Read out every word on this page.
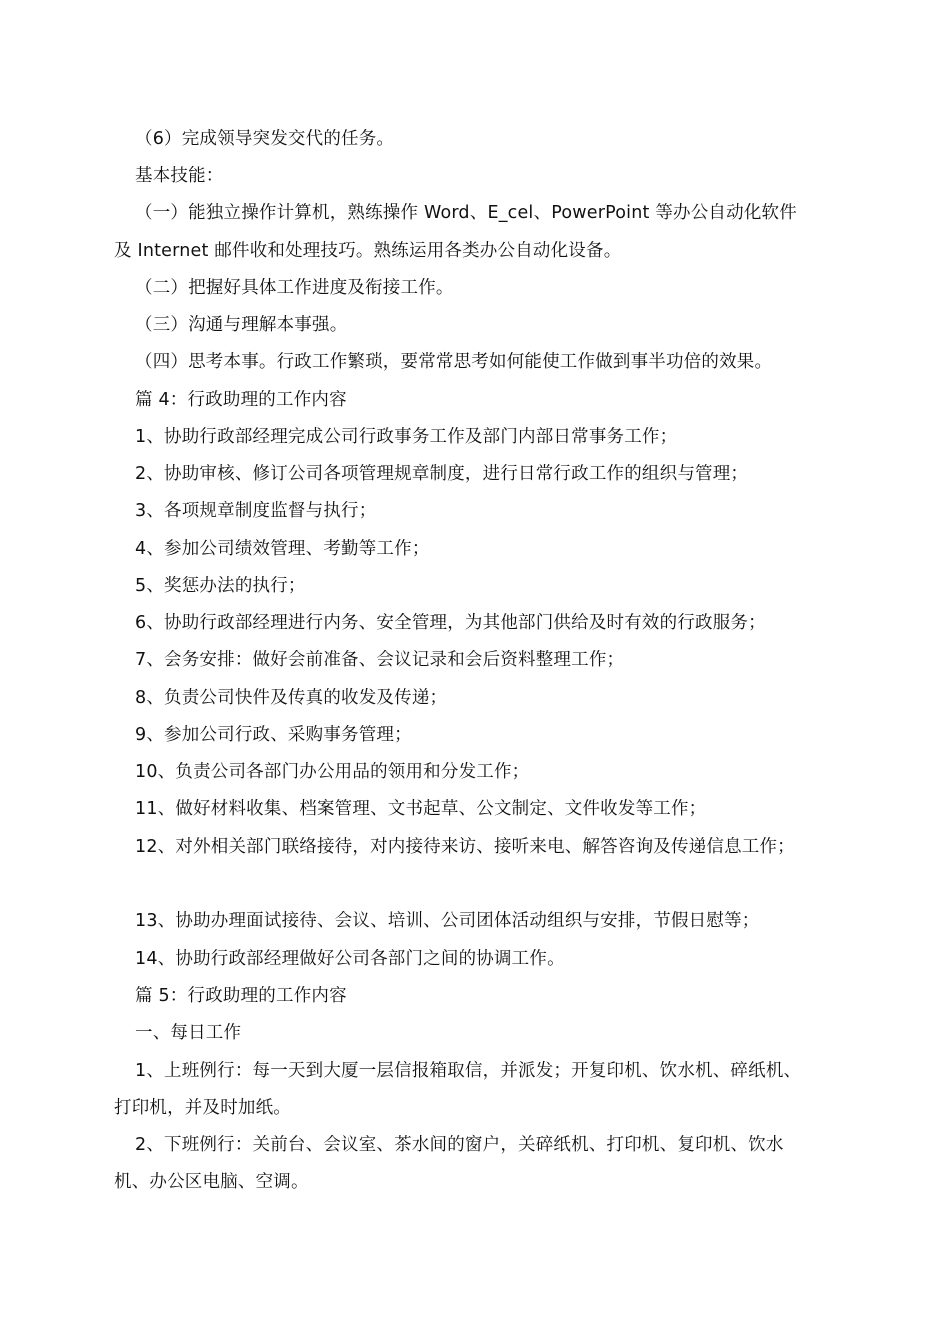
（6）完成领导突发交代的任务。
基本技能：
（一）能独立操作计算机，熟练操作 Word、E_cel、PowerPoint 等办公自动化软件
及 Internet 邮件收和处理技巧。熟练运用各类办公自动化设备。
（二）把握好具体工作进度及衔接工作。
（三）沟通与理解本事强。
（四）思考本事。行政工作繁琐，要常常思考如何能使工作做到事半功倍的效果。
篇 4：行政助理的工作内容
1、协助行政部经理完成公司行政事务工作及部门内部日常事务工作；
2、协助审核、修订公司各项管理规章制度，进行日常行政工作的组织与管理；
3、各项规章制度监督与执行；
4、参加公司绩效管理、考勤等工作；
5、奖惩办法的执行；
6、协助行政部经理进行内务、安全管理，为其他部门供给及时有效的行政服务；
7、会务安排：做好会前准备、会议记录和会后资料整理工作；
8、负责公司快件及传真的收发及传递；
9、参加公司行政、采购事务管理；
10、负责公司各部门办公用品的领用和分发工作；
11、做好材料收集、档案管理、文书起草、公文制定、文件收发等工作；
12、对外相关部门联络接待，对内接待来访、接听来电、解答咨询及传递信息工作；
13、协助办理面试接待、会议、培训、公司团体活动组织与安排，节假日慰等；
14、协助行政部经理做好公司各部门之间的协调工作。
篇 5：行政助理的工作内容
一、每日工作
1、上班例行：每一天到大厦一层信报箱取信，并派发；开复印机、饮水机、碎纸机、
打印机，并及时加纸。
2、下班例行：关前台、会议室、茶水间的窗户，关碎纸机、打印机、复印机、饮水
机、办公区电脑、空调。
